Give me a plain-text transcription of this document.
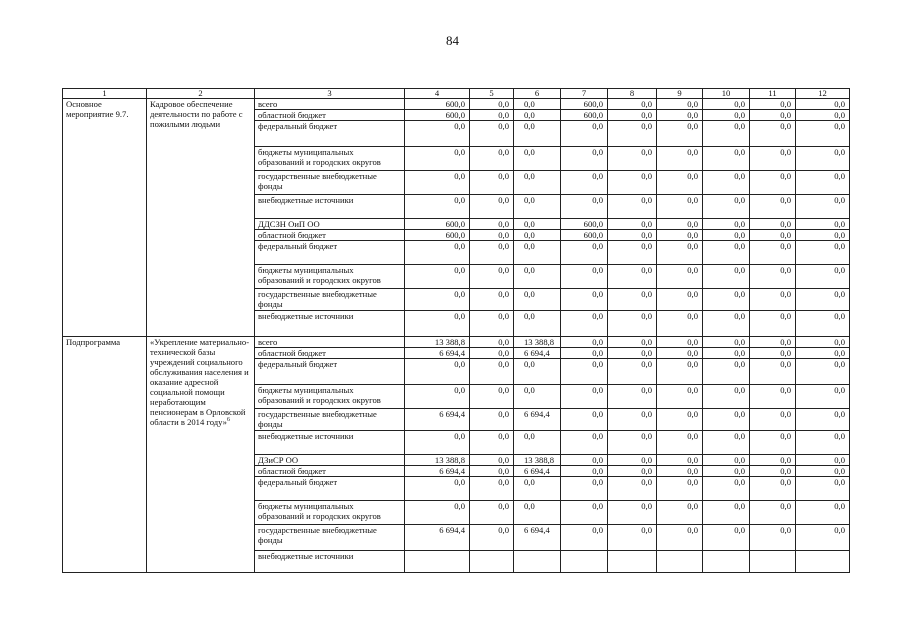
84
1	2	3	4	5	6	7	8	9	10	11	12
Основное мероприятие 9.7.	Кадровое обеспечение деятельности по работе с пожилыми людьми	всего	600,0	0,0	0,0	600,0	0,0	0,0	0,0	0,0	0,0
		областной бюджет	600,0	0,0	0,0	600,0	0,0	0,0	0,0	0,0	0,0
		федеральный бюджет	0,0	0,0	0,0	0,0	0,0	0,0	0,0	0,0	0,0
		бюджеты муниципальных образований и городских округов	0,0	0,0	0,0	0,0	0,0	0,0	0,0	0,0	0,0
		государственные внебюджетные фонды	0,0	0,0	0,0	0,0	0,0	0,0	0,0	0,0	0,0
		внебюджетные источники	0,0	0,0	0,0	0,0	0,0	0,0	0,0	0,0	0,0
		ДДСЗН ОиП ОО	600,0	0,0	0,0	600,0	0,0	0,0	0,0	0,0	0,0
		областной бюджет	600,0	0,0	0,0	600,0	0,0	0,0	0,0	0,0	0,0
		федеральный бюджет	0,0	0,0	0,0	0,0	0,0	0,0	0,0	0,0	0,0
		бюджеты муниципальных образований и городских округов	0,0	0,0	0,0	0,0	0,0	0,0	0,0	0,0	0,0
		государственные внебюджетные фонды	0,0	0,0	0,0	0,0	0,0	0,0	0,0	0,0	0,0
		внебюджетные источники	0,0	0,0	0,0	0,0	0,0	0,0	0,0	0,0	0,0
Подпрограмма	«Укрепление материально-технической базы учреждений социального обслуживания населения и оказание адресной социальной помощи неработающим пенсионерам в Орловской области в 2014 году»$^6$	всего	13 388,8	0,0	13 388,8	0,0	0,0	0,0	0,0	0,0	0,0
		областной бюджет	6 694,4	0,0	6 694,4	0,0	0,0	0,0	0,0	0,0	0,0
		федеральный бюджет	0,0	0,0	0,0	0,0	0,0	0,0	0,0	0,0	0,0
		бюджеты муниципальных образований и городских округов	0,0	0,0	0,0	0,0	0,0	0,0	0,0	0,0	0,0
		государственные внебюджетные фонды	6 694,4	0,0	6 694,4	0,0	0,0	0,0	0,0	0,0	0,0
		внебюджетные источники	0,0	0,0	0,0	0,0	0,0	0,0	0,0	0,0	0,0
		ДЗиСР ОО	13 388,8	0,0	13 388,8	0,0	0,0	0,0	0,0	0,0	0,0
		областной бюджет	6 694,4	0,0	6 694,4	0,0	0,0	0,0	0,0	0,0	0,0
		федеральный бюджет	0,0	0,0	0,0	0,0	0,0	0,0	0,0	0,0	0,0
		бюджеты муниципальных образований и городских округов	0,0	0,0	0,0	0,0	0,0	0,0	0,0	0,0	0,0
		государственные внебюджетные фонды	6 694,4	0,0	6 694,4	0,0	0,0	0,0	0,0	0,0	0,0
		внебюджетные источники									
